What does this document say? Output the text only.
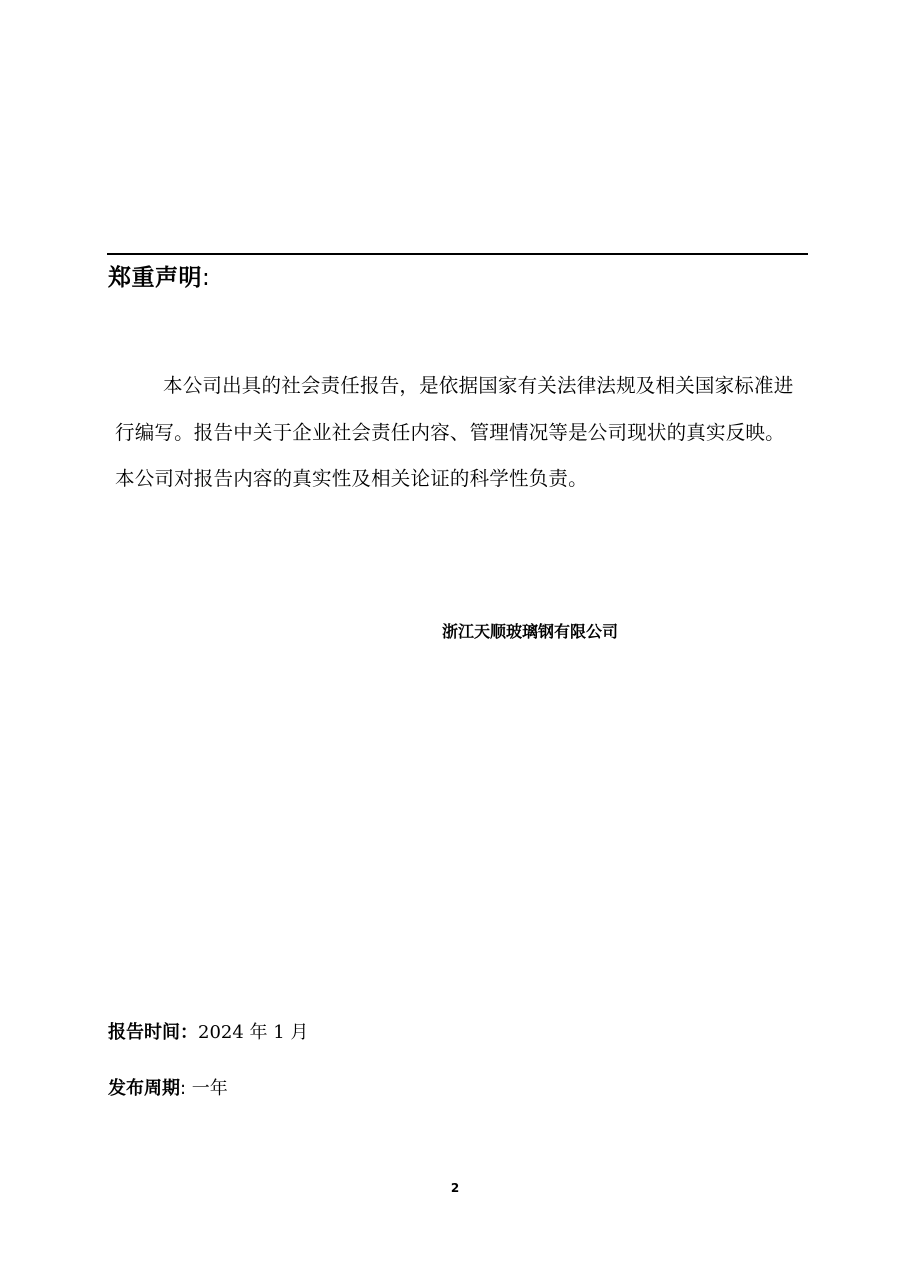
郑重声明:

本公司出具的社会责任报告，是依据国家有关法律法规及相关国家标准进行编写。报告中关于企业社会责任内容、管理情况等是公司现状的真实反映。本公司对报告内容的真实性及相关论证的科学性负责。

浙江天顺玻璃钢有限公司
报告时间：2024 年 1 月
发布周期: 一年
2
